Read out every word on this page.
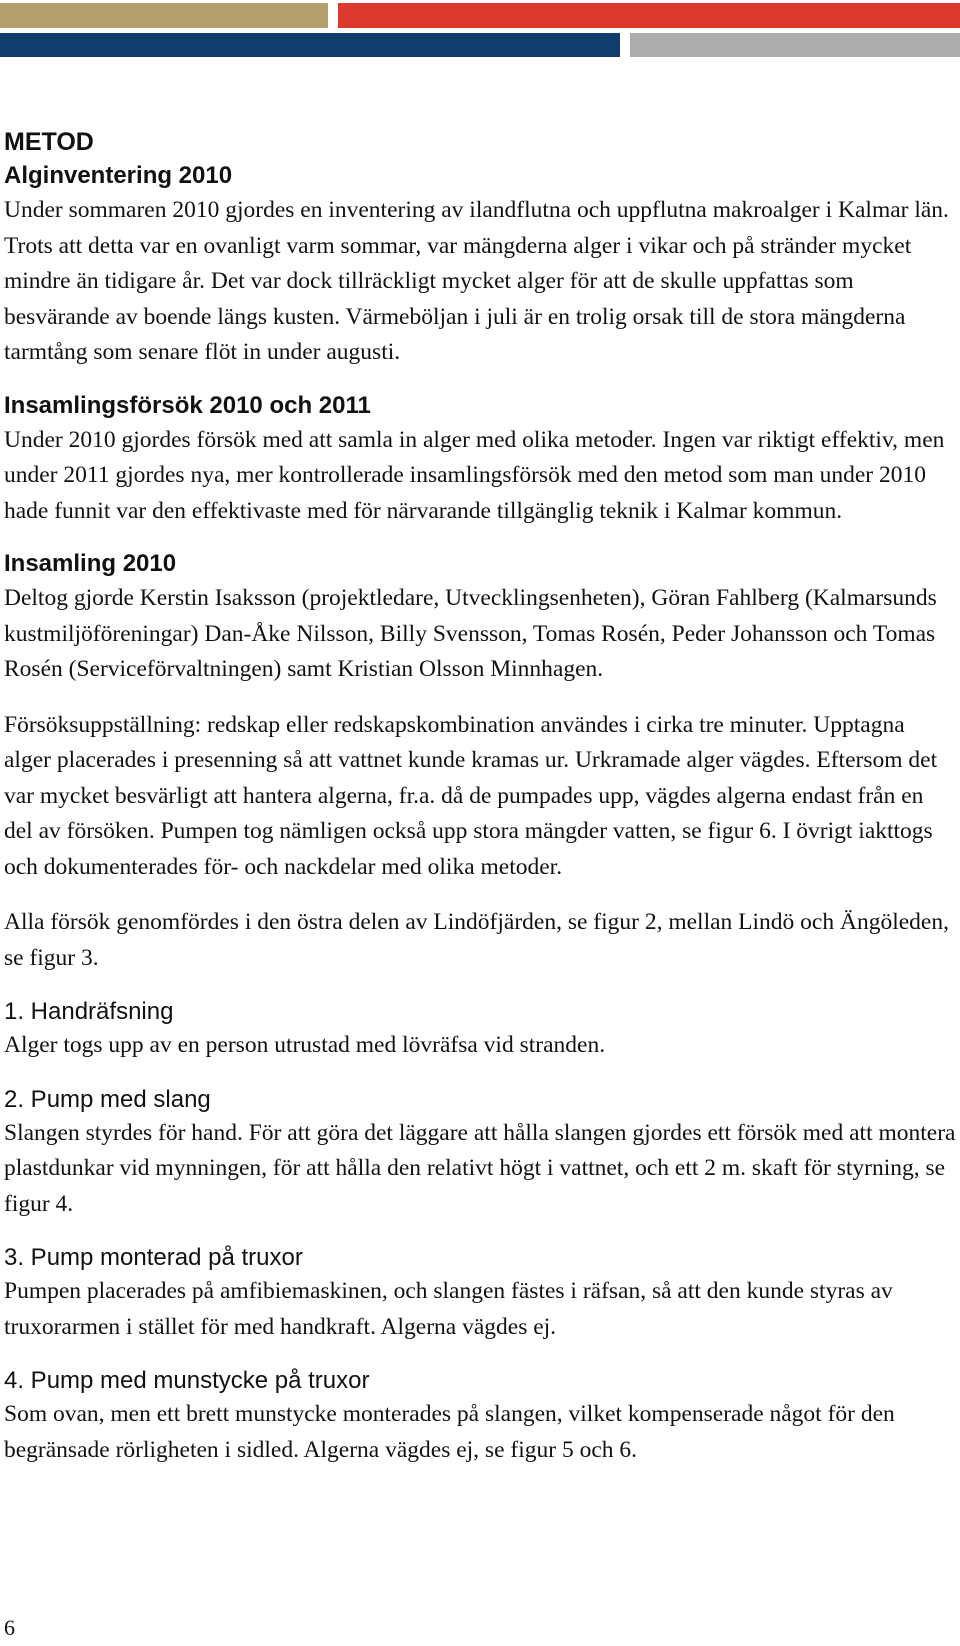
METOD
Alginventering 2010

Under sommaren 2010 gjordes en inventering av ilandflutna och uppflutna makroalger i Kalmar län. Trots att detta var en ovanligt varm sommar, var mängderna alger i vikar och på stränder mycket mindre än tidigare år. Det var dock tillräckligt mycket alger för att de skulle uppfattas som besvärande av boende längs kusten. Värmeböljan i juli är en trolig orsak till de stora mängderna tarmtång som senare flöt in under augusti.

Insamlingsförsök 2010 och 2011

Under 2010 gjordes försök med att samla in alger med olika metoder. Ingen var riktigt effektiv, men under 2011 gjordes nya, mer kontrollerade insamlingsförsök med den metod som man under 2010 hade funnit var den effektivaste med för närvarande tillgänglig teknik i Kalmar kommun.

Insamling 2010

Deltog gjorde Kerstin Isaksson (projektledare, Utvecklingsenheten), Göran Fahlberg (Kalmarsunds kustmiljöföreningar) Dan-Åke Nilsson, Billy Svensson, Tomas Rosén, Peder Johansson och Tomas Rosén (Serviceförvaltningen) samt Kristian Olsson Minnhagen.

Försöksuppställning: redskap eller redskapskombination användes i cirka tre minuter. Upptagna alger placerades i presenning så att vattnet kunde kramas ur. Urkramade alger vägdes. Eftersom det var mycket besvärligt att hantera algerna, fr.a. då de pumpades upp, vägdes algerna endast från en del av försöken. Pumpen tog nämligen också upp stora mängder vatten, se figur 6. I övrigt iakttogs och dokumenterades för- och nackdelar med olika metoder.

Alla försök genomfördes i den östra delen av Lindöfjärden, se figur 2, mellan Lindö och Ängöleden, se figur 3.

1. Handräfsning

Alger togs upp av en person utrustad med lövräfsa vid stranden.

2. Pump med slang

Slangen styrdes för hand. För att göra det läggare att hålla slangen gjordes ett försök med att montera plastdunkar vid mynningen, för att hålla den relativt högt i vattnet, och ett 2 m. skaft för styrning, se figur 4.

3. Pump monterad på truxor

Pumpen placerades på amfibiemaskinen, och slangen fästes i räfsan, så att den kunde styras av truxorarmen i stället för med handkraft. Algerna vägdes ej.

4. Pump med munstycke på truxor

Som ovan, men ett brett munstycke monterades på slangen, vilket kompenserade något för den begränsade rörligheten i sidled. Algerna vägdes ej, se figur 5 och 6.

6
